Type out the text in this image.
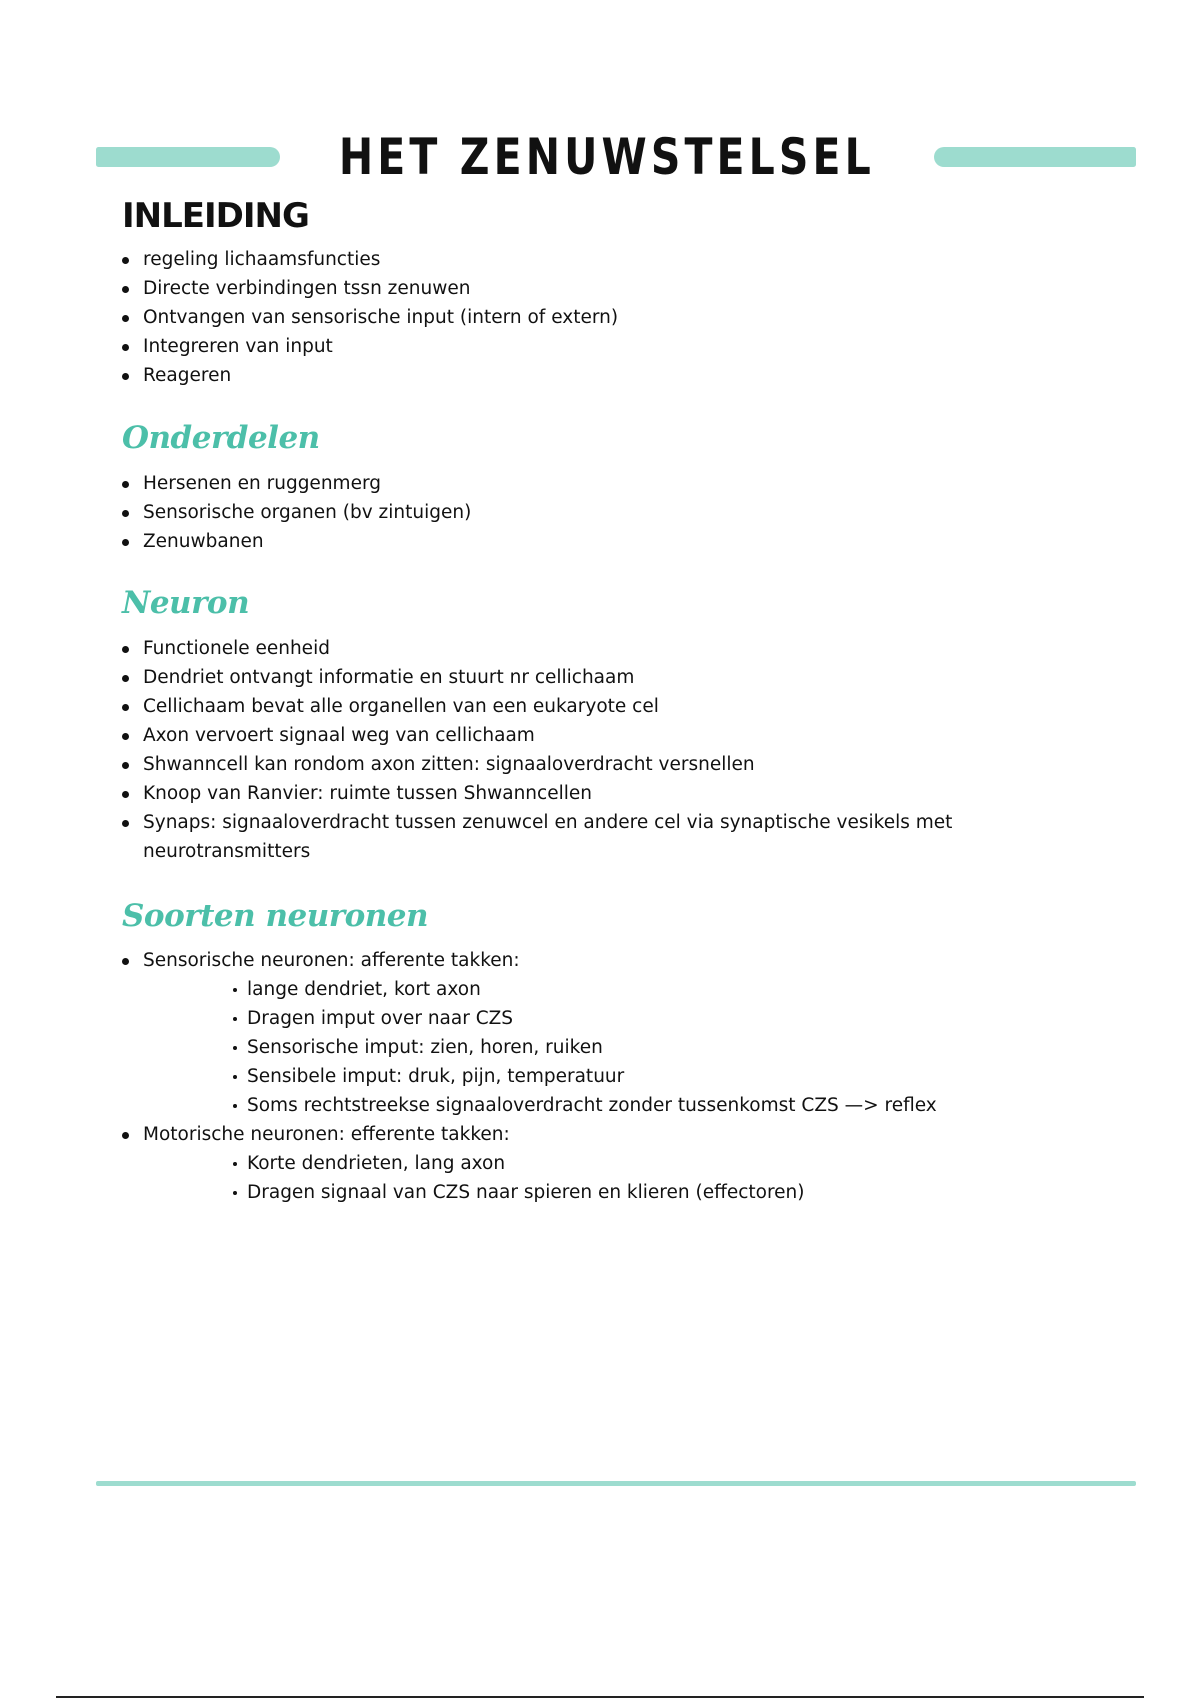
HET ZENUWSTELSEL
INLEIDING
regeling lichaamsfuncties
Directe verbindingen tssn zenuwen
Ontvangen van sensorische input (intern of extern)
Integreren van input
Reageren
Onderdelen
Hersenen en ruggenmerg
Sensorische organen (bv zintuigen)
Zenuwbanen
Neuron
Functionele eenheid
Dendriet ontvangt informatie en stuurt nr cellichaam
Cellichaam bevat alle organellen van een eukaryote cel
Axon vervoert signaal weg van cellichaam
Shwanncell kan rondom axon zitten: signaaloverdracht versnellen
Knoop van Ranvier: ruimte tussen Shwanncellen
Synaps: signaaloverdracht tussen zenuwcel en andere cel via synaptische vesikels met
neurotransmitters
Soorten neuronen
Sensorische neuronen: afferente takken:
lange dendriet, kort axon
Dragen imput over naar CZS
Sensorische imput: zien, horen, ruiken
Sensibele imput: druk, pijn, temperatuur
Soms rechtstreekse signaaloverdracht zonder tussenkomst CZS —> reflex
Motorische neuronen: efferente takken:
Korte dendrieten, lang axon
Dragen signaal van CZS naar spieren en klieren (effectoren)
